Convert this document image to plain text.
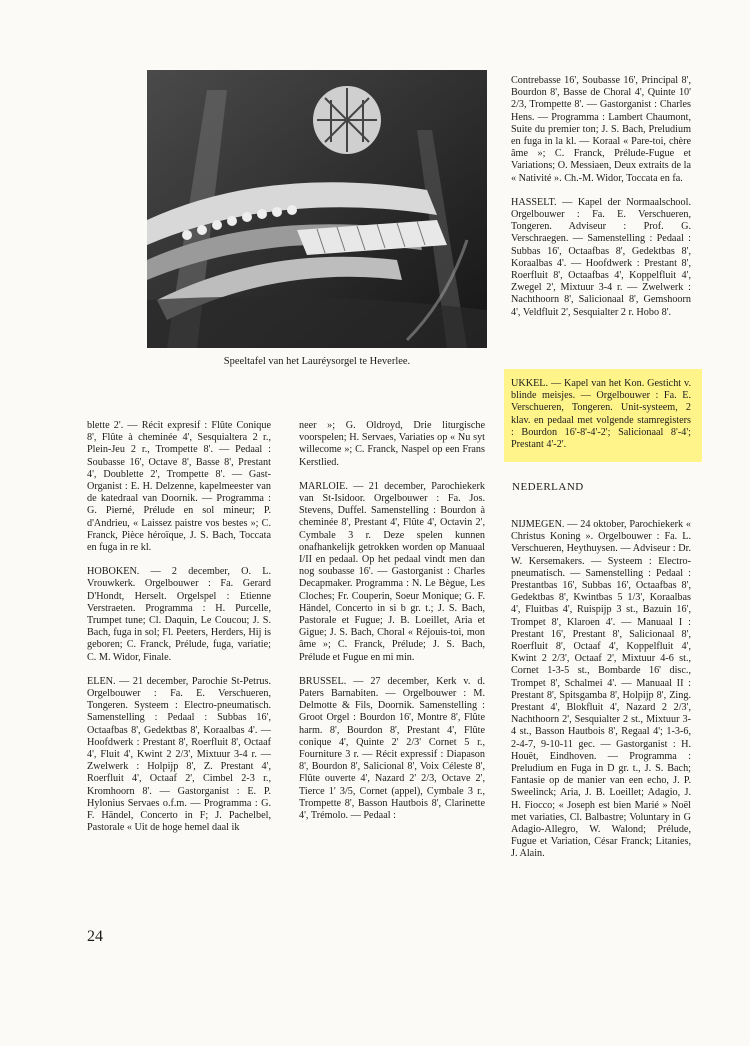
Speeltafel van het Lauréysorgel te Heverlee.

Contrebasse 16', Soubasse 16', Principal 8', Bourdon 8', Basse de Choral 4', Quinte 10' 2/3, Trompette 8'. — Gastorganist : Charles Hens. — Programma : Lambert Chaumont, Suite du premier ton; J. S. Bach, Preludium en fuga in la kl. — Koraal « Pare-toi, chère âme »; C. Franck, Prélude-Fugue et Variations; O. Messiaen, Deux extraits de la « Nativité ». Ch.-M. Widor, Toccata en fa.

HASSELT. — Kapel der Normaalschool. Orgelbouwer : Fa. E. Verschueren, Tongeren. Adviseur : Prof. G. Verschraegen. — Samenstelling : Pedaal : Subbas 16', Octaafbas 8', Gedektbas 8', Koraalbas 4'. — Hoofdwerk : Prestant 8', Roerfluit 8', Octaafbas 4', Koppelfluit 4', Zwegel 2', Mixtuur 3-4 r. — Zwelwerk : Nachthoorn 8', Salicionaal 8', Gemshoorn 4', Veldfluit 2', Sesquialter 2 r. Hobo 8'.

UKKEL. — Kapel van het Kon. Gesticht v. blinde meisjes. — Orgelbouwer : Fa. E. Verschueren, Tongeren. Unit-systeem, 2 klav. en pedaal met volgende stamregisters : Bourdon 16'-8'-4'-2'; Salicionaal 8'-4'; Prestant 4'-2'.

NEDERLAND

NIJMEGEN. — 24 oktober, Parochiekerk « Christus Koning ». Orgelbouwer : Fa. L. Verschueren, Heythuysen. — Adviseur : Dr. W. Kersemakers. — Systeem : Electro-pneumatisch. — Samenstelling : Pedaal : Prestantbas 16', Subbas 16', Octaafbas 8', Gedektbas 8', Kwintbas 5 1/3', Koraalbas 4', Fluitbas 4', Ruispijp 3 st., Bazuin 16', Trompet 8', Klaroen 4'. — Manuaal I : Prestant 16', Prestant 8', Salicionaal 8', Roerfluit 8', Octaaf 4', Koppelfluit 4', Kwint 2 2/3', Octaaf 2', Mixtuur 4-6 st., Cornet 1-3-5 st., Bombarde 16' disc., Trompet 8', Schalmei 4'. — Manuaal II : Prestant 8', Spitsgamba 8', Holpijp 8', Zing. Prestant 4', Blokfluit 4', Nazard 2 2/3', Nachthoorn 2', Sesquialter 2 st., Mixtuur 3-4 st., Basson Hautbois 8', Regaal 4'; 1-3-6, 2-4-7, 9-10-11 gec. — Gastorganist : H. Houët, Eindhoven. — Programma : Preludium en Fuga in D gr. t., J. S. Bach; Fantasie op de manier van een echo, J. P. Sweelinck; Aria, J. B. Loeillet; Adagio, J. H. Fiocco; « Joseph est bien Marié » Noël met variaties, Cl. Balbastre; Voluntary in G Adagio-Allegro, W. Walond; Prélude, Fugue et Variation, César Franck; Litanies, J. Alain.

blette 2'. — Récit expresif : Flûte Conique 8', Flûte à cheminée 4', Sesquialtera 2 r., Plein-Jeu 2 r., Trompette 8'. — Pedaal : Soubasse 16', Octave 8', Basse 8', Prestant 4', Doublette 2', Trompette 8'. — Gast-Organist : E. H. Delzenne, kapelmeester van de katedraal van Doornik. — Programma : G. Pierné, Prélude en sol mineur; P. d'Andrieu, « Laissez paistre vos bestes »; C. Franck, Pièce héroïque, J. S. Bach, Toccata en fuga in re kl.

HOBOKEN. — 2 december, O. L. Vrouwkerk. Orgelbouwer : Fa. Gerard D'Hondt, Herselt. Orgelspel : Etienne Verstraeten. Programma : H. Purcelle, Trumpet tune; Cl. Daquin, Le Coucou; J. S. Bach, fuga in sol; Fl. Peeters, Herders, Hij is geboren; C. Franck, Prélude, fuga, variatie; C. M. Widor, Finale.

ELEN. — 21 december, Parochie St-Petrus. Orgelbouwer : Fa. E. Verschueren, Tongeren. Systeem : Electro-pneumatisch. Samenstelling : Pedaal : Subbas 16', Octaafbas 8', Gedektbas 8', Koraalbas 4'. — Hoofdwerk : Prestant 8', Roerfluit 8', Octaaf 4', Fluit 4', Kwint 2 2/3', Mixtuur 3-4 r. — Zwelwerk : Holpijp 8', Z. Prestant 4', Roerfluit 4', Octaaf 2', Cimbel 2-3 r., Kromhoorn 8'. — Gastorganist : E. P. Hylonius Servaes o.f.m. — Programma : G. F. Händel, Concerto in F; J. Pachelbel, Pastorale « Uit de hoge hemel daal ik

neer »; G. Oldroyd, Drie liturgische voorspelen; H. Servaes, Variaties op « Nu syt willecome »; C. Franck, Naspel op een Frans Kerstlied.

MARLOIE. — 21 december, Parochiekerk van St-Isidoor. Orgelbouwer : Fa. Jos. Stevens, Duffel. Samenstelling : Bourdon à cheminée 8', Prestant 4', Flûte 4', Octavin 2', Cymbale 3 r. Deze spelen kunnen onafhankelijk getrokken worden op Manuaal I/II en pedaal. Op het pedaal vindt men dan nog soubasse 16'. — Gastorganist : Charles Decapmaker. Programma : N. Le Bègue, Les Cloches; Fr. Couperin, Soeur Monique; G. F. Händel, Concerto in si b gr. t.; J. S. Bach, Pastorale et Fugue; J. B. Loeillet, Aria et Gigue; J. S. Bach, Choral « Réjouis-toi, mon âme »; C. Franck, Prélude; J. S. Bach, Prélude et Fugue en mi min.

BRUSSEL. — 27 december, Kerk v. d. Paters Barnabiten. — Orgelbouwer : M. Delmotte & Fils, Doornik. Samenstelling : Groot Orgel : Bourdon 16', Montre 8', Flûte harm. 8', Bourdon 8', Prestant 4', Flûte conique 4', Quinte 2' 2/3' Cornet 5 r., Fourniture 3 r. — Récit expressif : Diapason 8', Bourdon 8', Salicional 8', Voix Céleste 8', Flûte ouverte 4', Nazard 2' 2/3, Octave 2', Tierce 1' 3/5, Cornet (appel), Cymbale 3 r., Trompette 8', Basson Hautbois 8', Clarinette 4', Trémolo. — Pedaal :

24
